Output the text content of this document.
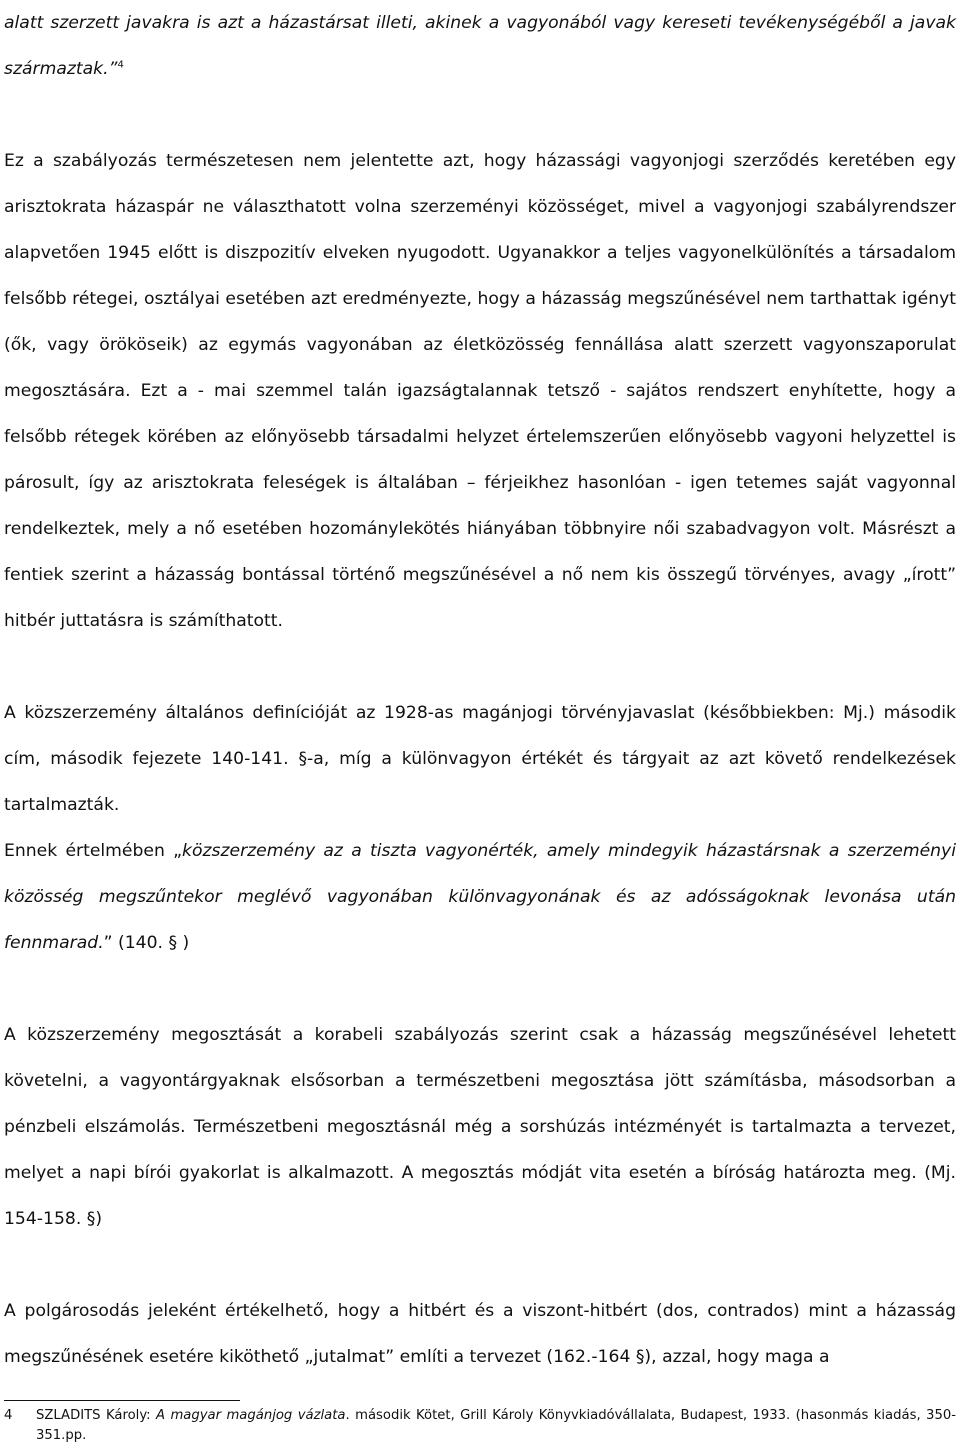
alatt szerzett javakra is azt a házastársat illeti, akinek a vagyonából vagy kereseti tevékenységéből a javak származtak.”$^4$

Ez a szabályozás természetesen nem jelentette azt, hogy házassági vagyonjogi szerződés keretében egy arisztokrata házaspár ne választhatott volna szerzeményi közösséget, mivel a vagyonjogi szabályrendszer alapvetően 1945 előtt is diszpozitív elveken nyugodott. Ugyanakkor a teljes vagyonelkülönítés a társadalom felsőbb rétegei, osztályai esetében azt eredményezte, hogy a házasság megszűnésével nem tarthattak igényt (ők, vagy örököseik) az egymás vagyonában az életközösség fennállása alatt szerzett vagyonszaporulat megosztására. Ezt a - mai szemmel talán igazságtalannak tetsző - sajátos rendszert enyhítette, hogy a felsőbb rétegek körében az előnyösebb társadalmi helyzet értelemszerűen előnyösebb vagyoni helyzettel is párosult, így az arisztokrata feleségek is általában – férjeikhez hasonlóan - igen tetemes saját vagyonnal rendelkeztek, mely a nő esetében hozománylekötés hiányában többnyire női szabadvagyon volt. Másrészt a fentiek szerint a házasság bontással történő megszűnésével a nő nem kis összegű törvényes, avagy „írott” hitbér juttatásra is számíthatott.

A közszerzemény általános definícióját az 1928-as magánjogi törvényjavaslat (későbbiekben: Mj.) második cím, második fejezete 140-141. §-a, míg a különvagyon értékét és tárgyait az azt követő rendelkezések tartalmazták.

Ennek értelmében „közszerzemény az a tiszta vagyonérték, amely mindegyik házastársnak a szerzeményi közösség megszűntekor meglévő vagyonában különvagyonának és az adósságoknak levonása után fennmarad.” (140. § )

A közszerzemény megosztását a korabeli szabályozás szerint csak a házasság megszűnésével lehetett követelni, a vagyontárgyaknak elsősorban a természetbeni megosztása jött számításba, másodsorban a pénzbeli elszámolás. Természetbeni megosztásnál még a sorshúzás intézményét is tartalmazta a tervezet, melyet a napi bírói gyakorlat is alkalmazott. A megosztás módját vita esetén a bíróság határozta meg. (Mj. 154-158. §)

A polgárosodás jeleként értékelhető, hogy a hitbért és a viszont-hitbért (dos, contrados) mint a házasság megszűnésének esetére kiköthető „jutalmat” említi a tervezet (162.-164 §), azzal, hogy maga a

4	SZLADITS Károly: A magyar magánjog vázlata. második Kötet, Grill Károly Könyvkiadóvállalata, Budapest, 1933. (hasonmás kiadás, 350-351.pp.
